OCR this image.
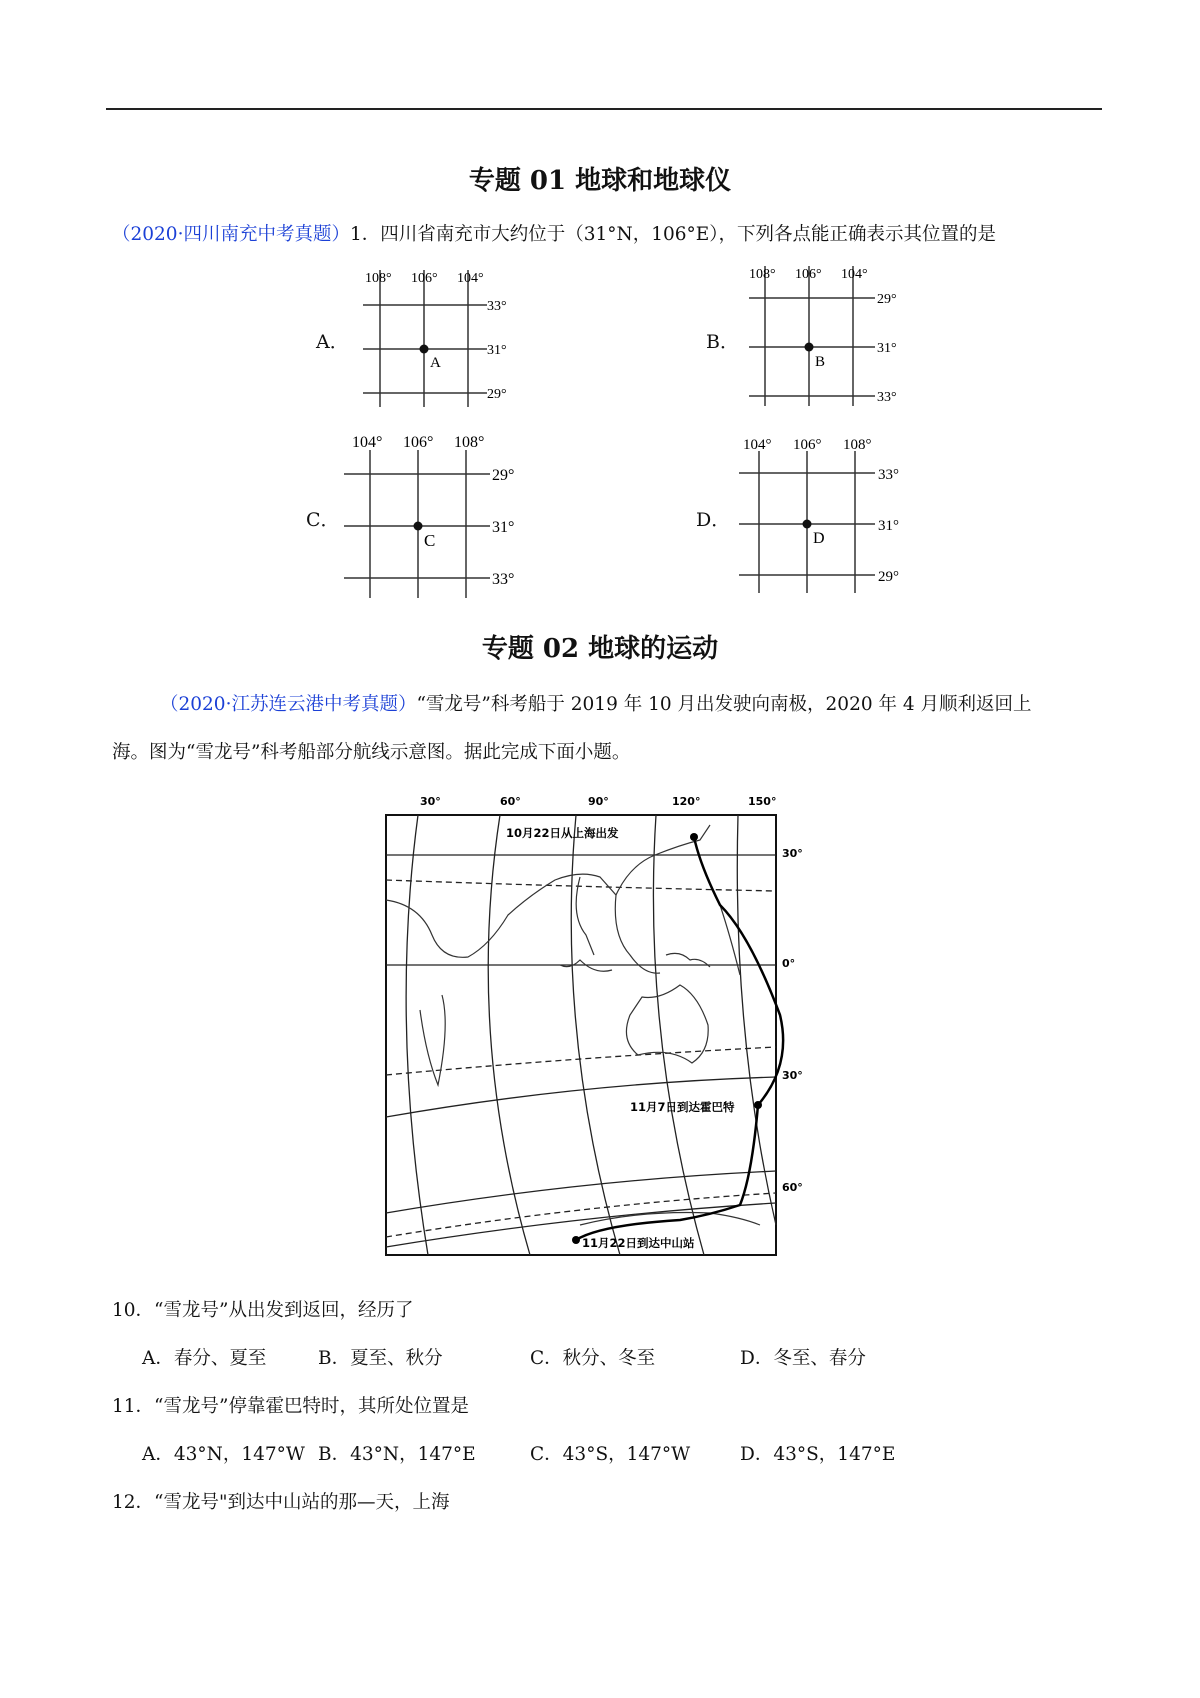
专题 01 地球和地球仪
（2020·四川南充中考真题）1．四川省南充市大约位于（31°N，106°E），下列各点能正确表示其位置的是
A．	B．
C．	D．
108° 106° 104°
33°
31°
29°
A
108° 106° 104°
29°
31°
33°
B
104° 106° 108°
29°
31°
33°
C
104° 106° 108°
33°
31°
29°
D
专题 02 地球的运动
（2020·江苏连云港中考真题）“雪龙号”科考船于 2019 年 10 月出发驶向南极，2020 年 4 月顺利返回上
海。图为“雪龙号”科考船部分航线示意图。据此完成下面小题。
30°	60°	90°	120°	150°
30°
0°
30°
60°
10月22日从上海出发
11月7日到达霍巴特
11月22日到达中山站
10．“雪龙号”从出发到返回，经历了
A．春分、夏至	B．夏至、秋分	C．秋分、冬至	D．冬至、春分
11．“雪龙号”停靠霍巴特时，其所处位置是
A．43°N，147°W B．43°N，147°E	C．43°S，147°W	D．43°S，147°E
12．“雪龙号"到达中山站的那—天，上海
